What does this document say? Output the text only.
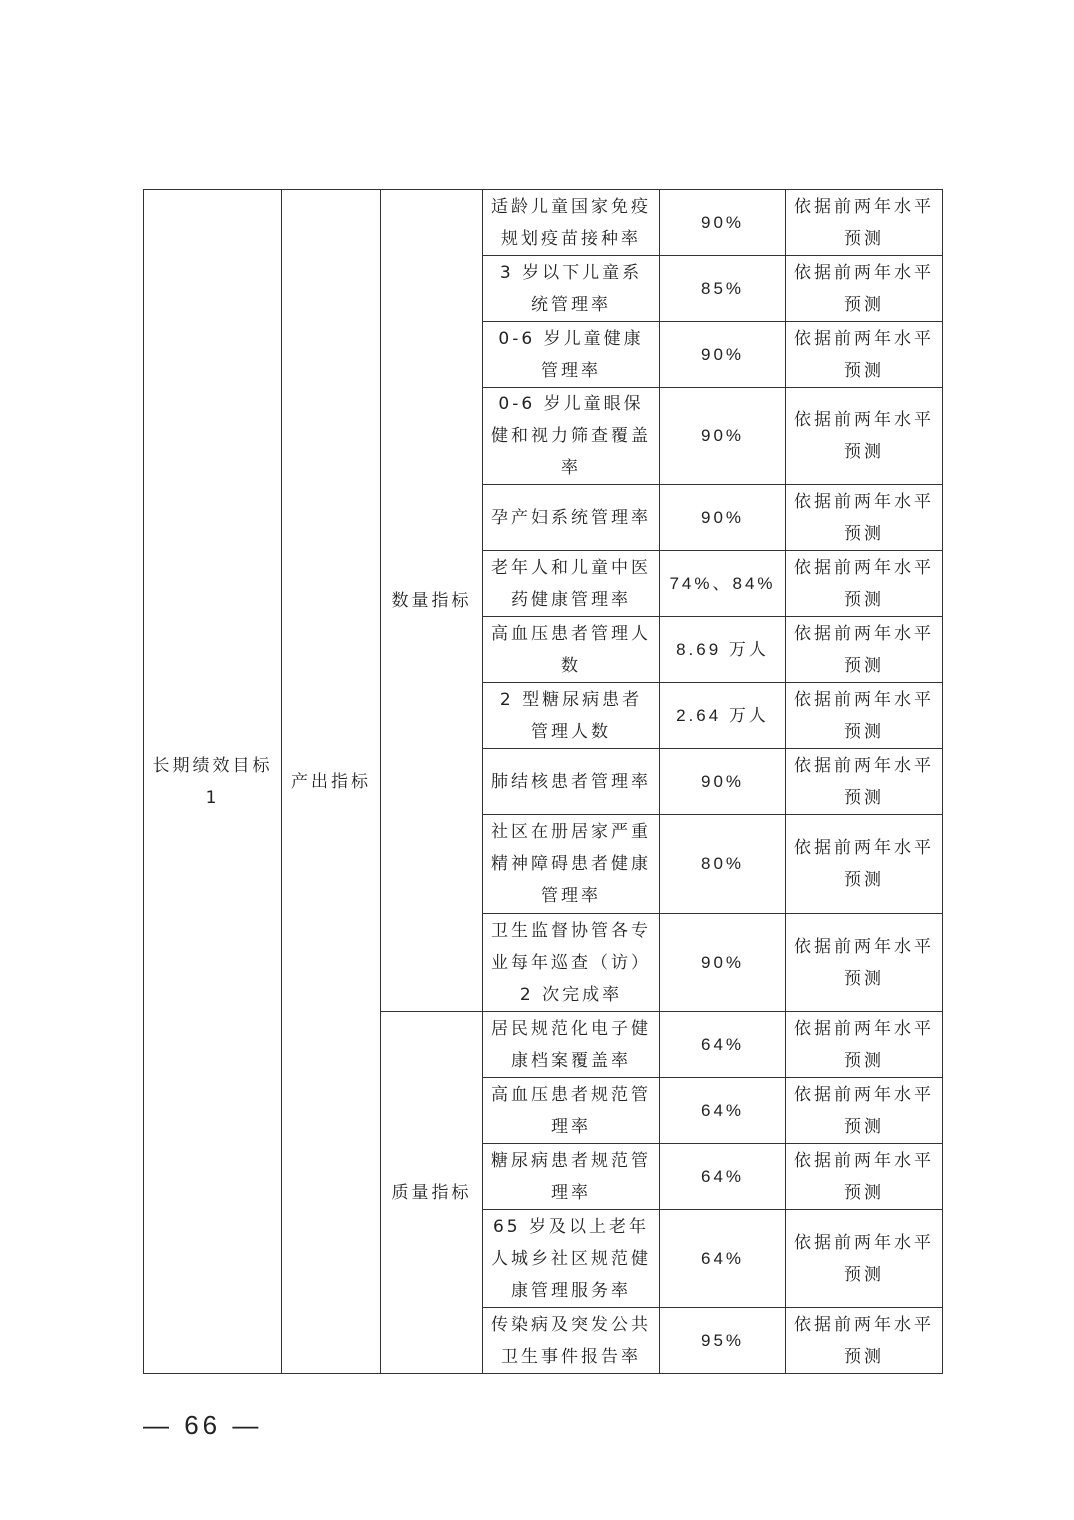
长期绩效目标 1	产出指标	数量指标	适龄儿童国家免疫规划疫苗接种率	90%	依据前两年水平预测
			3 岁以下儿童系统管理率	85%	依据前两年水平预测
			0-6 岁儿童健康管理率	90%	依据前两年水平预测
			0-6 岁儿童眼保健和视力筛查覆盖率	90%	依据前两年水平预测
			孕产妇系统管理率	90%	依据前两年水平预测
			老年人和儿童中医药健康管理率	74%、84%	依据前两年水平预测
			高血压患者管理人数	8.69 万人	依据前两年水平预测
			2 型糖尿病患者管理人数	2.64 万人	依据前两年水平预测
			肺结核患者管理率	90%	依据前两年水平预测
			社区在册居家严重精神障碍患者健康管理率	80%	依据前两年水平预测
			卫生监督协管各专业每年巡查（访）2 次完成率	90%	依据前两年水平预测
		质量指标	居民规范化电子健康档案覆盖率	64%	依据前两年水平预测
			高血压患者规范管理率	64%	依据前两年水平预测
			糖尿病患者规范管理率	64%	依据前两年水平预测
			65 岁及以上老年人城乡社区规范健康管理服务率	64%	依据前两年水平预测
			传染病及突发公共卫生事件报告率	95%	依据前两年水平预测
— 66 —
